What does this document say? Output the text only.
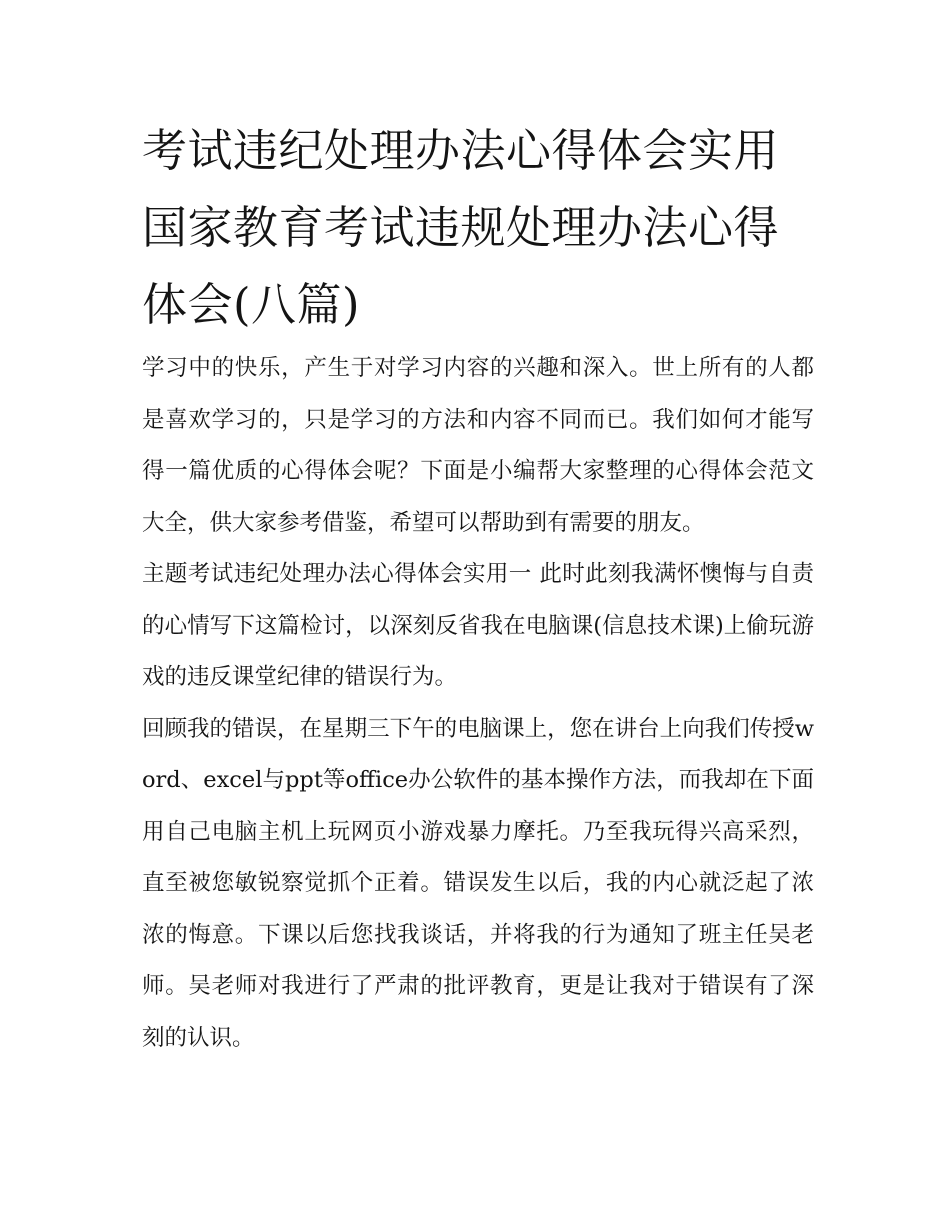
考试违纪处理办法心得体会实用 国家教育考试违规处理办法心得体会(八篇)

学习中的快乐，产生于对学习内容的兴趣和深入。世上所有的人都是喜欢学习的，只是学习的方法和内容不同而已。我们如何才能写得一篇优质的心得体会呢？下面是小编帮大家整理的心得体会范文大全，供大家参考借鉴，希望可以帮助到有需要的朋友。

主题考试违纪处理办法心得体会实用一 此时此刻我满怀懊悔与自责的心情写下这篇检讨，以深刻反省我在电脑课(信息技术课)上偷玩游戏的违反课堂纪律的错误行为。

回顾我的错误，在星期三下午的电脑课上，您在讲台上向我们传授word、excel与ppt等office办公软件的基本操作方法，而我却在下面用自己电脑主机上玩网页小游戏暴力摩托。乃至我玩得兴高采烈，直至被您敏锐察觉抓个正着。错误发生以后，我的内心就泛起了浓浓的悔意。下课以后您找我谈话，并将我的行为通知了班主任吴老师。吴老师对我进行了严肃的批评教育，更是让我对于错误有了深刻的认识。
